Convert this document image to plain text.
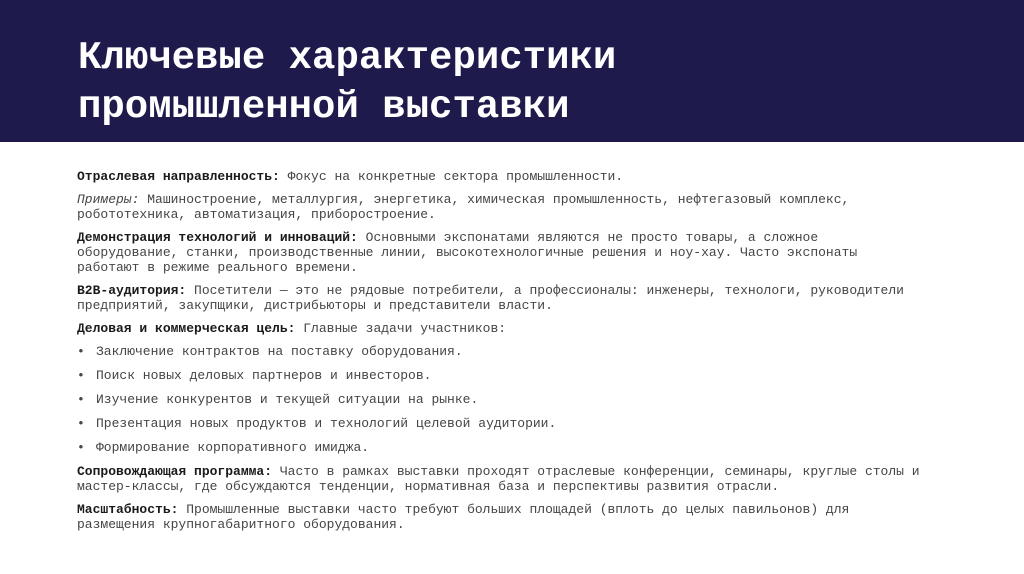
Ключевые характеристики
промышленной выставки

Отраслевая направленность: Фокус на конкретные сектора промышленности.

Примеры: Машиностроение, металлургия, энергетика, химическая промышленность, нефтегазовый комплекс, робототехника, автоматизация, приборостроение.

Демонстрация технологий и инноваций: Основными экспонатами являются не просто товары, а сложное оборудование, станки, производственные линии, высокотехнологичные решения и ноу-хау. Часто экспонаты работают в режиме реального времени.

B2B-аудитория: Посетители — это не рядовые потребители, а профессионалы: инженеры, технологи, руководители предприятий, закупщики, дистрибьюторы и представители власти.

Деловая и коммерческая цель: Главные задачи участников:

• Заключение контрактов на поставку оборудования.
• Поиск новых деловых партнеров и инвесторов.
• Изучение конкурентов и текущей ситуации на рынке.
• Презентация новых продуктов и технологий целевой аудитории.
• Формирование корпоративного имиджа.

Сопровождающая программа: Часто в рамках выставки проходят отраслевые конференции, семинары, круглые столы и мастер-классы, где обсуждаются тенденции, нормативная база и перспективы развития отрасли.

Масштабность: Промышленные выставки часто требуют больших площадей (вплоть до целых павильонов) для размещения крупногабаритного оборудования.
